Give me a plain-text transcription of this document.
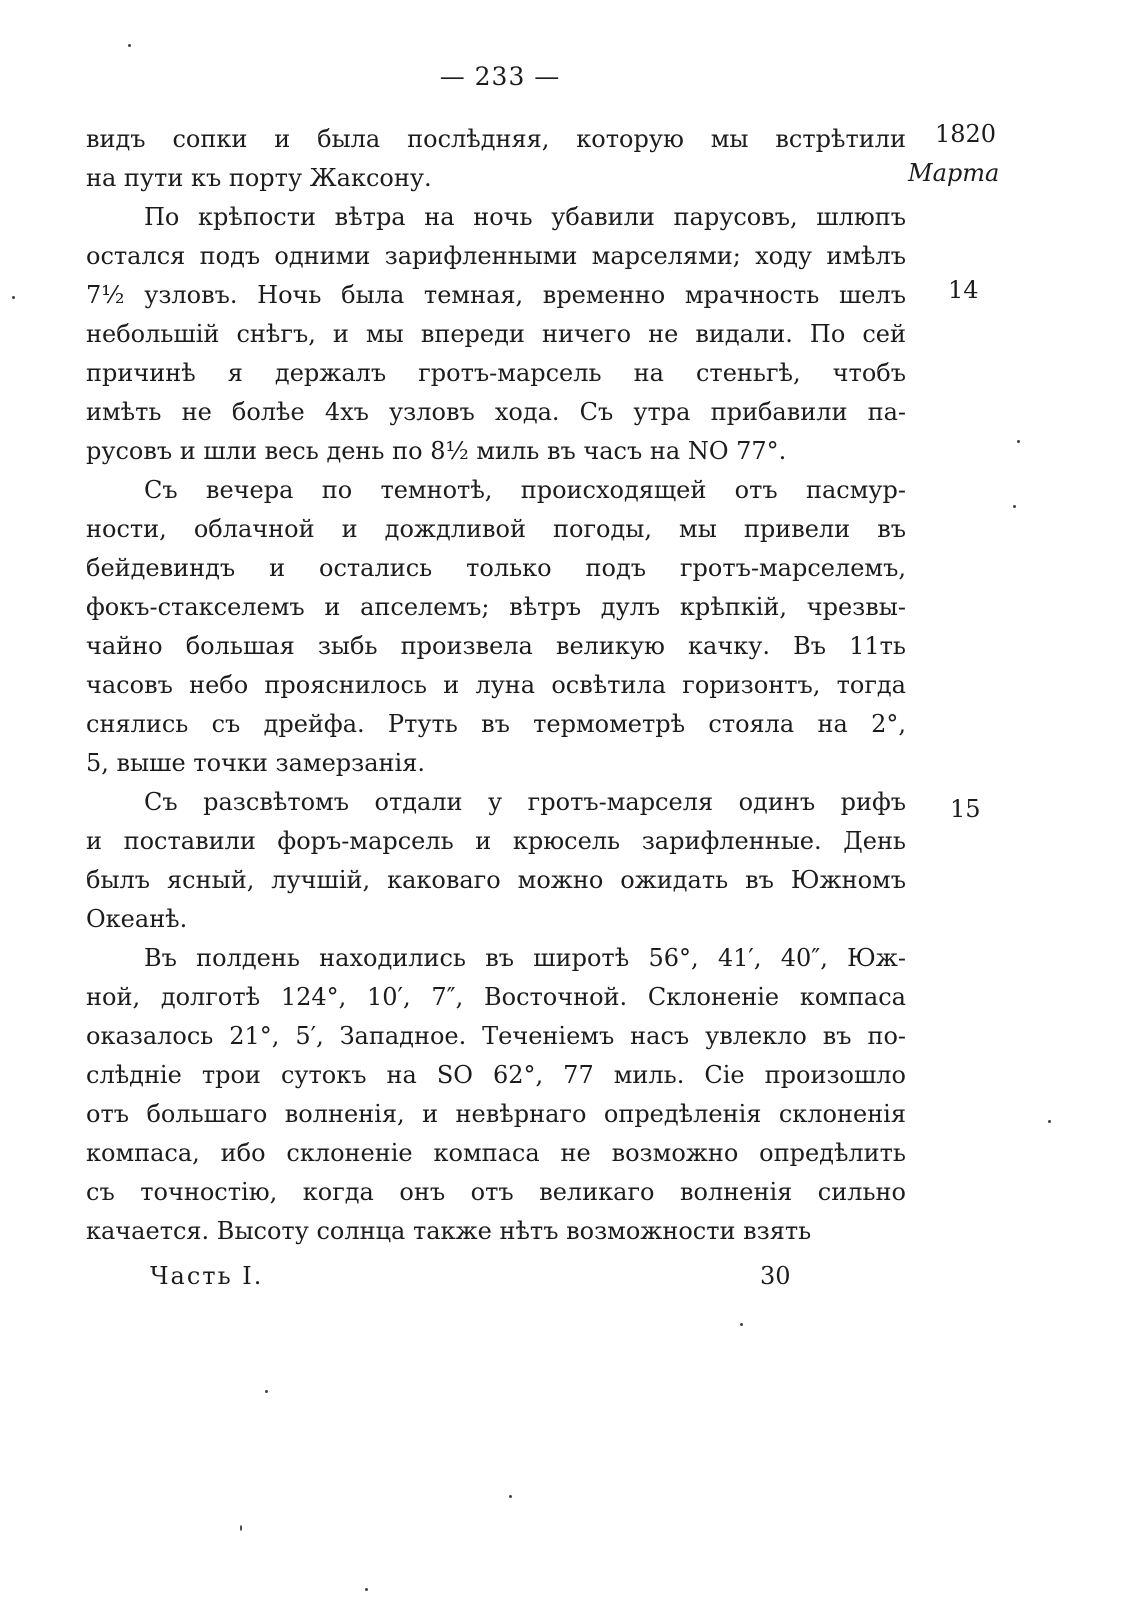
— 233 —
1820
Марта
14
15
видъ сопки и была послѣдняя, которую мы встрѣтили
на пути къ порту Жаксону.
По крѣпости вѣтра на ночь убавили парусовъ, шлюпъ
остался подъ одними зарифленными марселями; ходу имѣлъ
7½ узловъ. Ночь была темная, временно мрачность шелъ
небольшій снѣгъ, и мы впереди ничего не видали. По сей
причинѣ я держалъ гротъ-марсель на стеньгѣ, чтобъ
имѣть не болѣе 4хъ узловъ хода. Съ утра прибавили па-
русовъ и шли весь день по 8½ миль въ часъ на NO 77°.
Съ вечера по темнотѣ, происходящей отъ пасмур-
ности, облачной и дождливой погоды, мы привели въ
бейдевиндъ и остались только подъ гротъ-марселемъ,
фокъ-стакселемъ и апселемъ; вѣтръ дулъ крѣпкій, чрезвы-
чайно большая зыбь произвела великую качку. Въ 11ть
часовъ небо прояснилось и луна освѣтила горизонтъ, тогда
снялись съ дрейфа. Ртуть въ термометрѣ стояла на 2°,
5, выше точки замерзанія.
Съ разсвѣтомъ отдали у гротъ-марселя одинъ рифъ
и поставили форъ-марсель и крюсель зарифленные. День
былъ ясный, лучшій, каковаго можно ожидать въ Южномъ
Океанѣ.
Въ полдень находились въ широтѣ 56°, 41′, 40″, Юж-
ной, долготѣ 124°, 10′, 7″, Восточной. Склоненіе компаса
оказалось 21°, 5′, Западное. Теченіемъ насъ увлекло въ по-
слѣдніе трои сутокъ на SO 62°, 77 миль. Сіе произошло
отъ большаго волненія, и невѣрнаго опредѣленія склоненія
компаса, ибо склоненіе компаса не возможно опредѣлить
съ точностію, когда онъ отъ великаго волненія сильно
качается. Высоту солнца также нѣтъ возможности взять
Часть I.	30
